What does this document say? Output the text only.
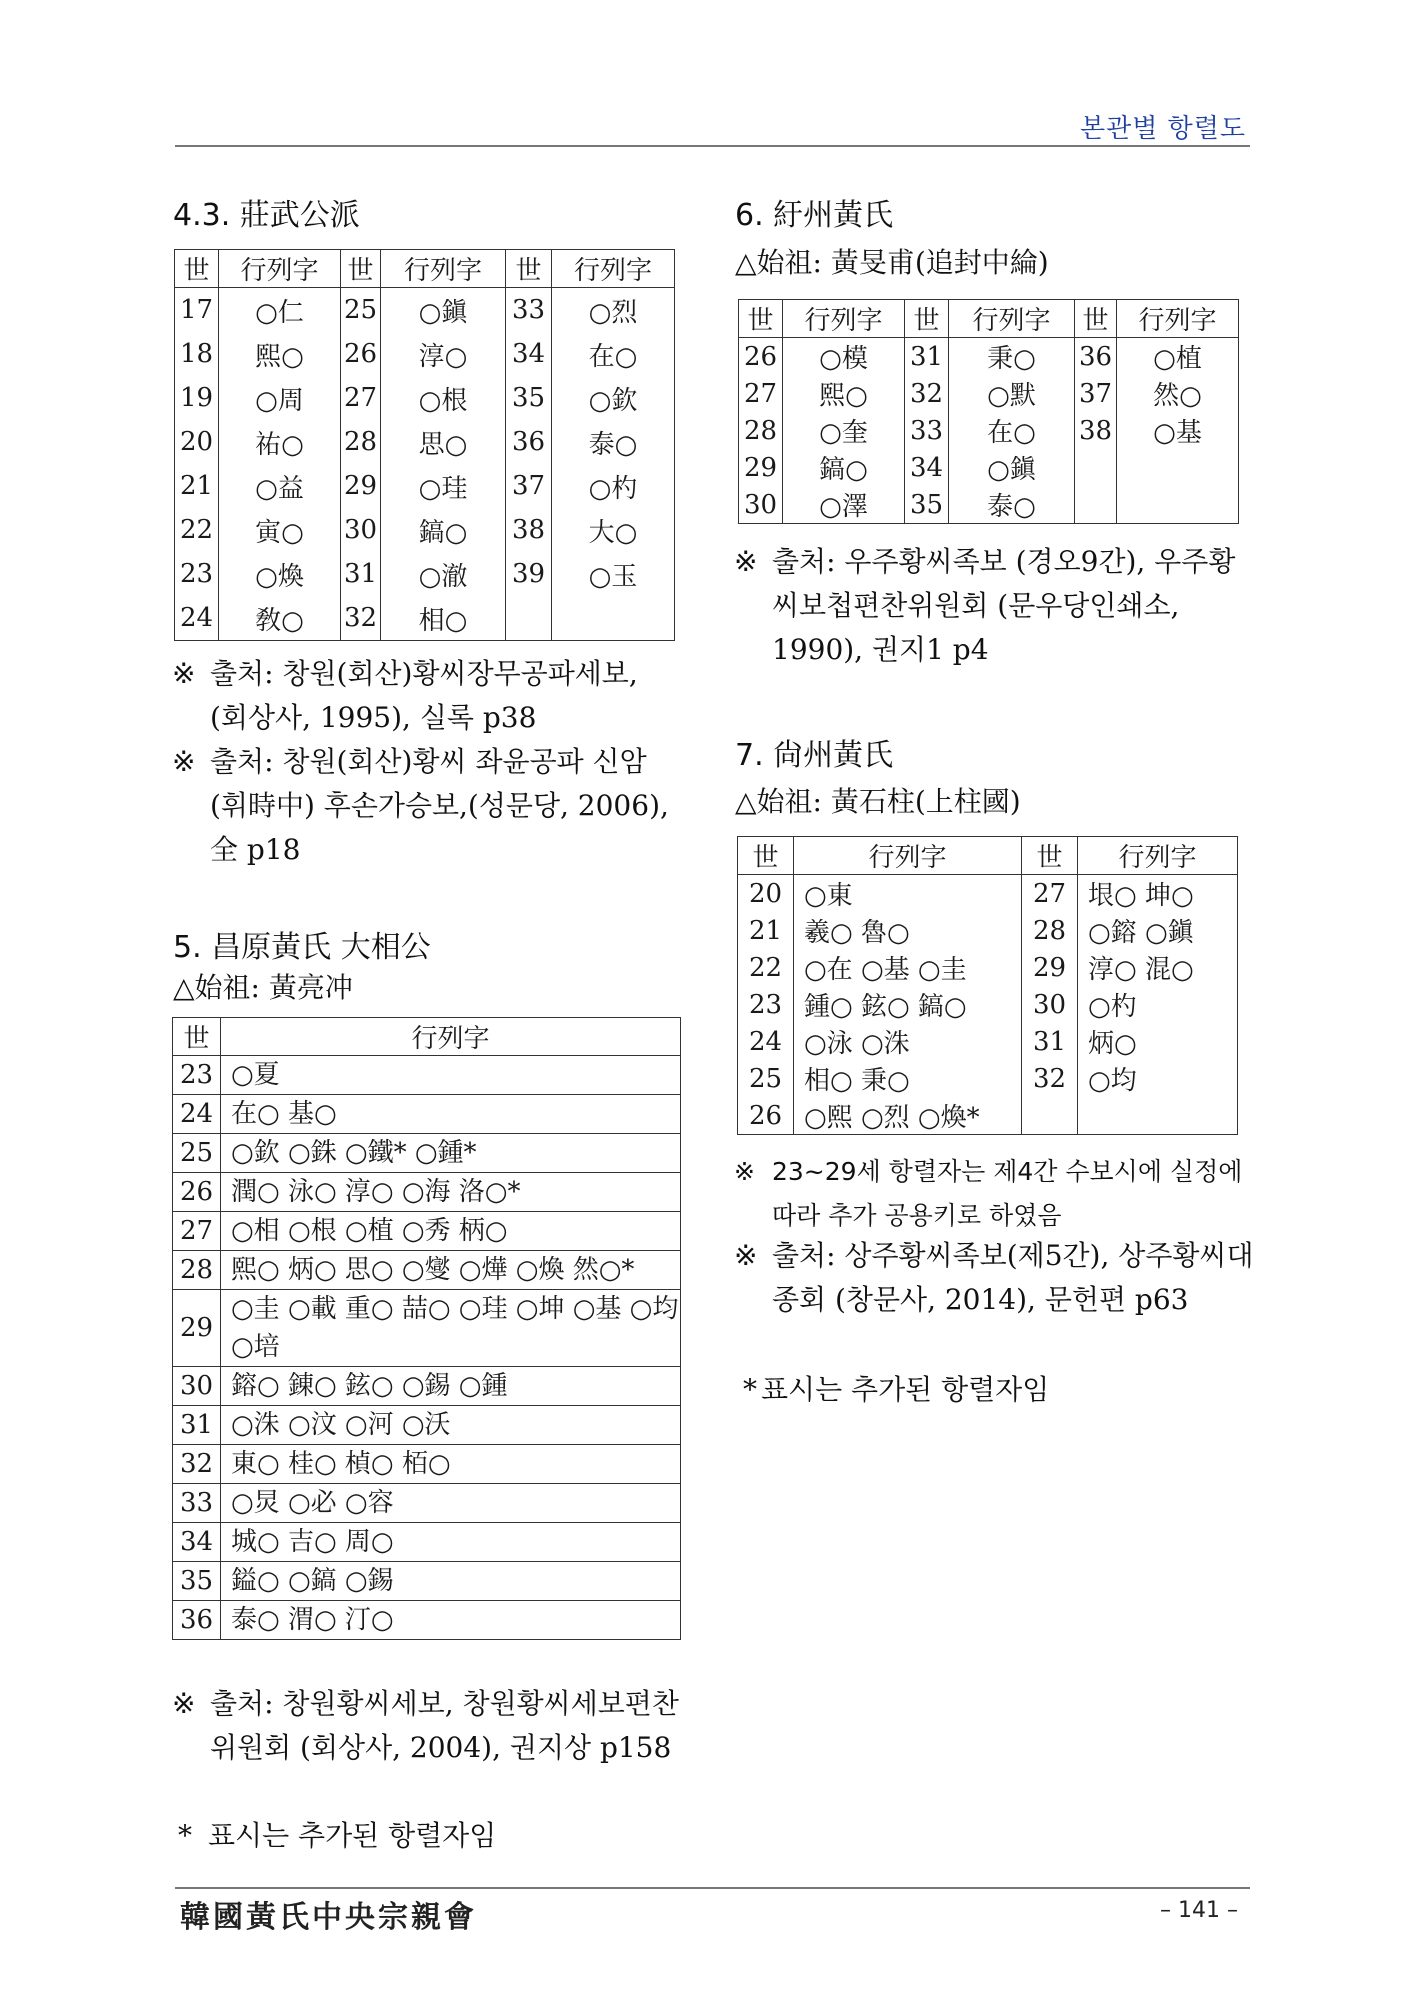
본관별 항렬도
4.3. 莊武公派
世	行列字	世	行列字	世	行列字
17	○仁	25	○鎭	33	○烈
18	熙○	26	淳○	34	在○
19	○周	27	○根	35	○欽
20	祐○	28	思○	36	泰○
21	○益	29	○珪	37	○杓
22	寅○	30	鎬○	38	大○
23	○煥	31	○澈	39	○玉
24	敎○	32	相○		
※ 출처: 창원(회산)황씨장무공파세보, (회상사, 1995), 실록 p38
※ 출처: 창원(회산)황씨 좌윤공파 신암(휘時中) 후손가승보,(성문당, 2006), 全 p18
5. 昌原黃氏 大相公
△始祖: 黃亮冲
世	行列字
23	○夏
24	在○ 基○
25	○欽 ○銖 ○鐵* ○鍾*
26	潤○ 泳○ 淳○ ○海 洛○*
27	○相 ○根 ○植 ○秀 柄○
28	熙○ 炳○ 思○ ○燮 ○燁 ○煥 然○*
29	○圭 ○載 重○ 喆○ ○珪 ○坤 ○基 ○均 ○培
30	鎔○ 錬○ 鉉○ ○錫 ○鍾
31	○洙 ○汶 ○河 ○沃
32	東○ 桂○ 楨○ 栢○
33	○炅 ○必 ○容
34	城○ 吉○ 周○
35	鎰○ ○鎬 ○錫
36	泰○ 渭○ 汀○
※ 출처: 창원황씨세보, 창원황씨세보편찬위원회 (회상사, 2004), 권지상 p158
* 표시는 추가된 항렬자임
6. 紆州黃氏
△始祖: 黃旻甫(追封中綸)
世	行列字	世	行列字	世	行列字
26	○模	31	秉○	36	○植
27	熙○	32	○默	37	然○
28	○奎	33	在○	38	○基
29	鎬○	34	○鎭		
30	○澤	35	泰○		
※ 출처: 우주황씨족보 (경오9간), 우주황씨보첩편찬위원회 (문우당인쇄소, 1990), 권지1 p4
7. 尙州黃氏
△始祖: 黃石柱(上柱國)
世	行列字	世	行列字
20	○東	27	垠○ 坤○
21	羲○ 魯○	28	○鎔 ○鎭
22	○在 ○基 ○圭	29	淳○ 混○
23	鍾○ 鉉○ 鎬○	30	○杓
24	○泳 ○洙	31	炳○
25	相○ 秉○	32	○均
26	○熙 ○烈 ○煥*		
※ 23~29세 항렬자는 제4간 수보시에 실정에 따라 추가 공용키로 하였음
※ 출처: 상주황씨족보(제5간), 상주황씨대종회 (창문사, 2014), 문헌편 p63
* 표시는 추가된 항렬자임
韓國黃氏中央宗親會	– 141 –
